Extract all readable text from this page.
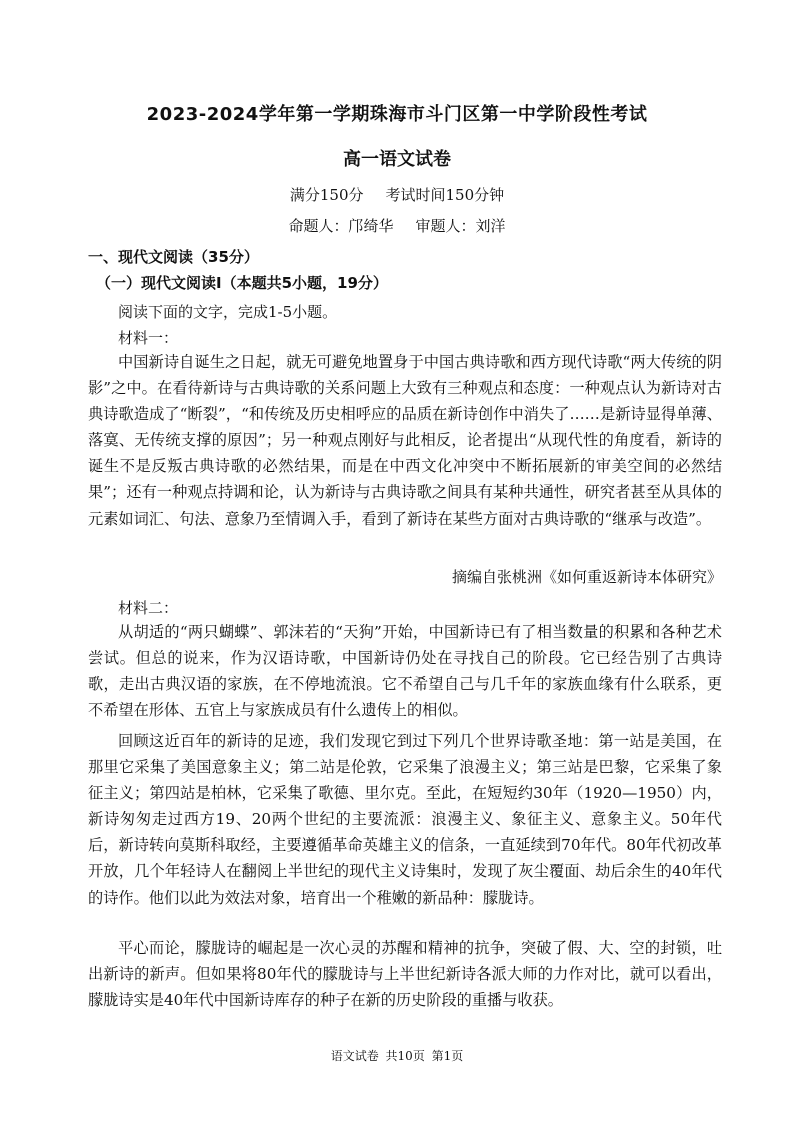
2023-2024学年第一学期珠海市斗门区第一中学阶段性考试
高一语文试卷
满分150分 考试时间150分钟
命题人：邝绮华 审题人：刘洋
一、现代文阅读（35分）
（一）现代文阅读Ⅰ（本题共5小题，19分）
阅读下面的文字，完成1-5小题。
材料一：

中国新诗自诞生之日起，就无可避免地置身于中国古典诗歌和西方现代诗歌“两大传统的阴影”之中。在看待新诗与古典诗歌的关系问题上大致有三种观点和态度：一种观点认为新诗对古典诗歌造成了“断裂”，“和传统及历史相呼应的品质在新诗创作中消失了……是新诗显得单薄、落寞、无传统支撑的原因”；另一种观点刚好与此相反，论者提出“从现代性的角度看，新诗的诞生不是反叛古典诗歌的必然结果，而是在中西文化冲突中不断拓展新的审美空间的必然结果”；还有一种观点持调和论，认为新诗与古典诗歌之间具有某种共通性，研究者甚至从具体的元素如词汇、句法、意象乃至情调入手，看到了新诗在某些方面对古典诗歌的“继承与改造”。

摘编自张桃洲《如何重返新诗本体研究》
材料二：

从胡适的“两只蝴蝶”、郭沫若的“天狗”开始，中国新诗已有了相当数量的积累和各种艺术尝试。但总的说来，作为汉语诗歌，中国新诗仍处在寻找自己的阶段。它已经告别了古典诗歌，走出古典汉语的家族，在不停地流浪。它不希望自己与几千年的家族血缘有什么联系，更不希望在形体、五官上与家族成员有什么遗传上的相似。

回顾这近百年的新诗的足迹，我们发现它到过下列几个世界诗歌圣地：第一站是美国，在那里它采集了美国意象主义；第二站是伦敦，它采集了浪漫主义；第三站是巴黎，它采集了象征主义；第四站是柏林，它采集了歌德、里尔克。至此，在短短约30年（1920—1950）内，新诗匆匆走过西方19、20两个世纪的主要流派：浪漫主义、象征主义、意象主义。50年代后，新诗转向莫斯科取经，主要遵循革命英雄主义的信条，一直延续到70年代。80年代初改革开放，几个年轻诗人在翻阅上半世纪的现代主义诗集时，发现了灰尘覆面、劫后余生的40年代的诗作。他们以此为效法对象，培育出一个稚嫩的新品种：朦胧诗。

平心而论，朦胧诗的崛起是一次心灵的苏醒和精神的抗争，突破了假、大、空的封锁，吐出新诗的新声。但如果将80年代的朦胧诗与上半世纪新诗各派大师的力作对比，就可以看出，朦胧诗实是40年代中国新诗库存的种子在新的历史阶段的重播与收获。

语文试卷 共10页 第1页
